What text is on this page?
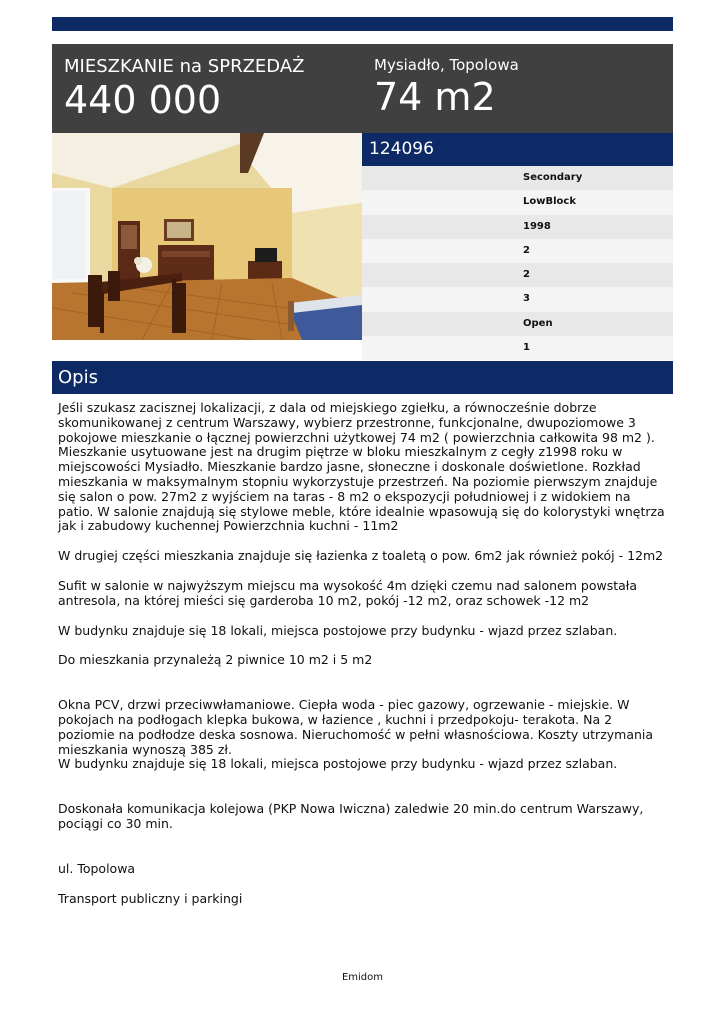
MIESZKANIE na SPRZEDAŻ
440 000
Mysiadło, Topolowa
74 m2
124096
Secondary
LowBlock
1998
2
2
3
Open
1
Opis

Jeśli szukasz zacisznej lokalizacji, z dala od miejskiego zgiełku, a równocześnie dobrze skomunikowanej z centrum Warszawy, wybierz przestronne, funkcjonalne, dwupoziomowe 3 pokojowe mieszkanie o łącznej powierzchni użytkowej 74 m2 ( powierzchnia całkowita 98 m2 ). Mieszkanie usytuowane jest na drugim piętrze w bloku mieszkalnym z cegły z1998 roku w miejscowości Mysiadło. Mieszkanie bardzo jasne, słoneczne i doskonale doświetlone. Rozkład mieszkania w maksymalnym stopniu wykorzystuje przestrzeń. Na poziomie pierwszym znajduje się salon o pow. 27m2 z wyjściem na taras - 8 m2 o ekspozycji południowej i z widokiem na patio. W salonie znajdują się stylowe meble, które idealnie wpasowują się do kolorystyki wnętrza jak i zabudowy kuchennej Powierzchnia kuchni - 11m2

W drugiej części mieszkania znajduje się łazienka z toaletą o pow. 6m2 jak również pokój - 12m2

Sufit w salonie w najwyższym miejscu ma wysokość 4m dzięki czemu nad salonem powstała antresola, na której mieści się garderoba 10 m2, pokój -12 m2, oraz schowek -12 m2

W budynku znajduje się 18 lokali, miejsca postojowe przy budynku - wjazd przez szlaban.

Do mieszkania przynależą 2 piwnice 10 m2 i 5 m2

Okna PCV, drzwi przeciwwłamaniowe. Ciepła woda - piec gazowy, ogrzewanie - miejskie. W pokojach na podłogach klepka bukowa, w łazience , kuchni i przedpokoju- terakota. Na 2 poziomie na podłodze deska sosnowa. Nieruchomość w pełni własnościowa. Koszty utrzymania mieszkania wynoszą 385 zł.
W budynku znajduje się 18 lokali, miejsca postojowe przy budynku - wjazd przez szlaban.

Doskonała komunikacja kolejowa (PKP Nowa Iwiczna) zaledwie 20 min.do centrum Warszawy, pociągi co 30 min.

ul. Topolowa

Transport publiczny i parkingi

Emidom
